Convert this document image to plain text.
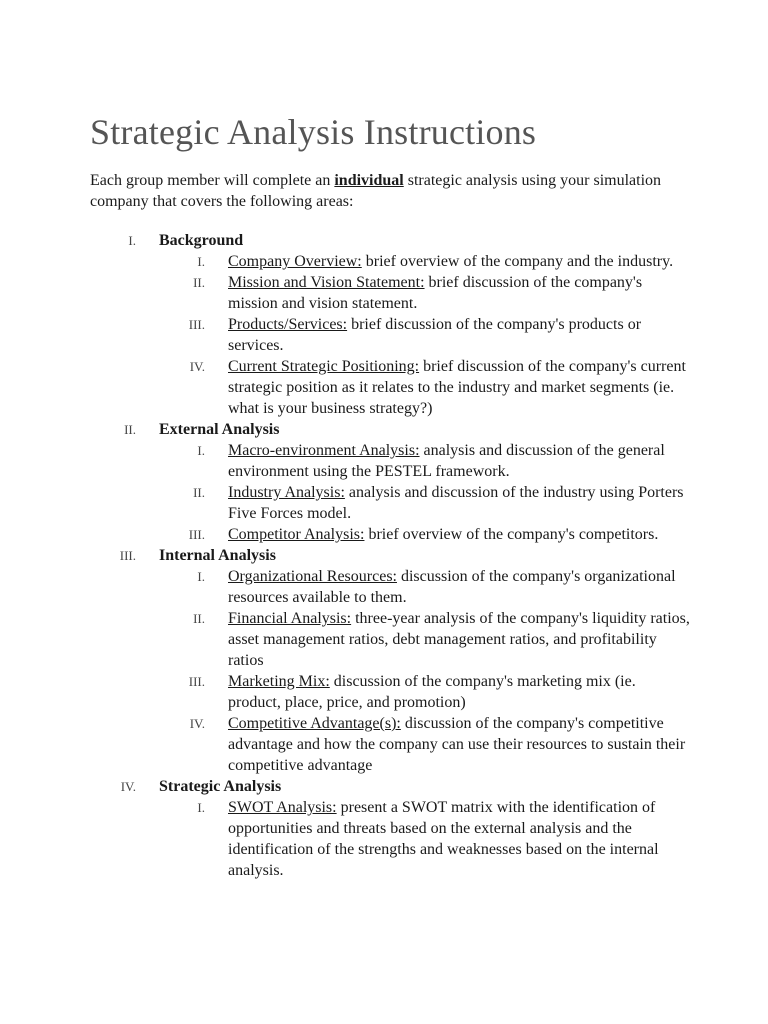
Strategic Analysis Instructions

Each group member will complete an individual strategic analysis using your simulation company that covers the following areas:

I. Background
I. Company Overview: brief overview of the company and the industry.
II. Mission and Vision Statement: brief discussion of the company's mission and vision statement.
III. Products/Services: brief discussion of the company's products or services.
IV. Current Strategic Positioning: brief discussion of the company's current strategic position as it relates to the industry and market segments (ie. what is your business strategy?)
II. External Analysis
I. Macro-environment Analysis: analysis and discussion of the general environment using the PESTEL framework.
II. Industry Analysis: analysis and discussion of the industry using Porters Five Forces model.
III. Competitor Analysis: brief overview of the company's competitors.
III. Internal Analysis
I. Organizational Resources: discussion of the company's organizational resources available to them.
II. Financial Analysis: three-year analysis of the company's liquidity ratios, asset management ratios, debt management ratios, and profitability ratios
III. Marketing Mix: discussion of the company's marketing mix (ie. product, place, price, and promotion)
IV. Competitive Advantage(s): discussion of the company's competitive advantage and how the company can use their resources to sustain their competitive advantage
IV. Strategic Analysis
I. SWOT Analysis: present a SWOT matrix with the identification of opportunities and threats based on the external analysis and the identification of the strengths and weaknesses based on the internal analysis.
